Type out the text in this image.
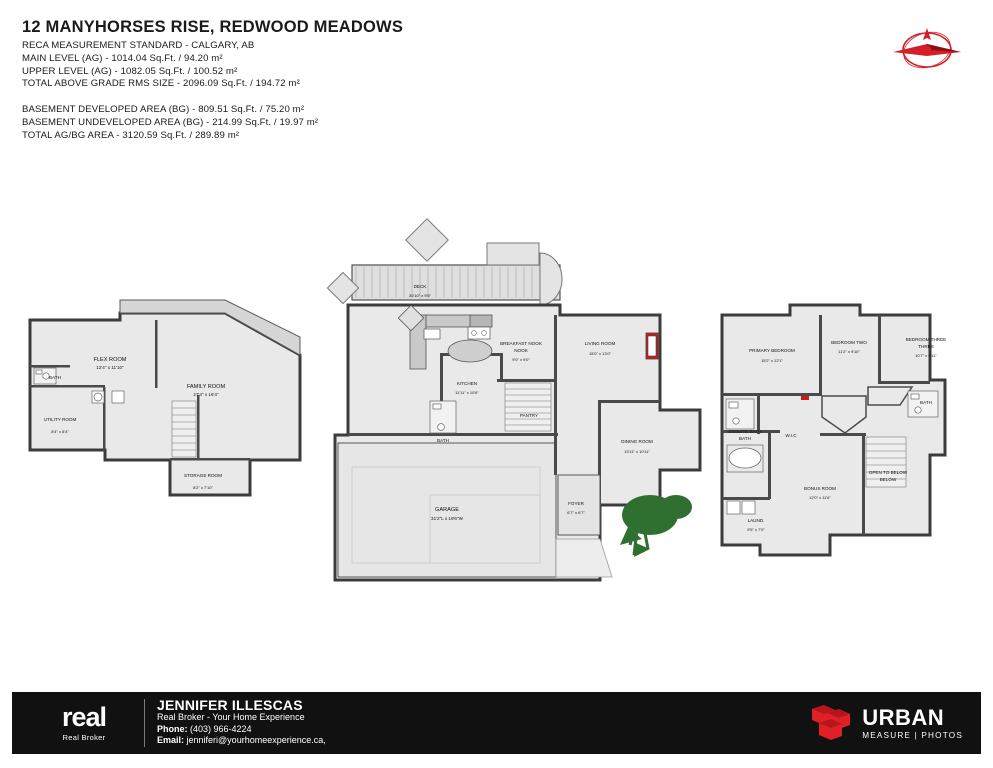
12 MANYHORSES RISE, REDWOOD MEADOWS
RECA MEASUREMENT STANDARD - CALGARY, AB
MAIN LEVEL (AG) - 1014.04 Sq.Ft. / 94.20 m²
UPPER LEVEL (AG) - 1082.05 Sq.Ft. / 100.52 m²
TOTAL ABOVE GRADE RMS SIZE - 2096.09 Sq.Ft. / 194.72 m²
BASEMENT DEVELOPED AREA (BG) - 809.51 Sq.Ft. / 75.20 m²
BASEMENT UNDEVELOPED AREA (BG) - 214.99 Sq.Ft. / 19.97 m²
TOTAL AG/BG AREA - 3120.59 Sq.Ft. / 289.89 m²
FLEX ROOM
12'4" x 11'10"
FAMILY ROOM
27'4" x 16'4"
UTILITY ROOM
8'4" x 8'4"
BATH
STORAGE ROOM
8'2" x 7'10"
DECK
30'10" x 9'5"
BREAKFAST NOOK
NOOK
9'0" x 9'0"
LIVING ROOM
15'0" x 13'0"
KITCHEN
11'11" x 10'6"
PANTRY
BATH	DINING ROOM
13'11" x 10'11"
FOYER
6'7" x 6'7"
GARAGE
31'2"L x 19'6"W
PRIMARY BEDROOM
15'2" x 12'1"
BEDROOM TWO
11'2" x 9'10"
BEDROOM THREE
THREE
10'7" x 9'11"
BATH
ENSUITE BATH
BATH
W.I.C
BONUS ROOM
12'0" x 11'6"
OPEN TO BELOW
BELOW
LAUND.
9'5" x 7'0"
real
Real Broker
JENNIFER ILLESCAS
Real Broker - Your Home Experience
Phone: (403) 966-4224
Email: jenniferi@yourhomeexperience.ca,
URBAN
MEASURE | PHOTOS
